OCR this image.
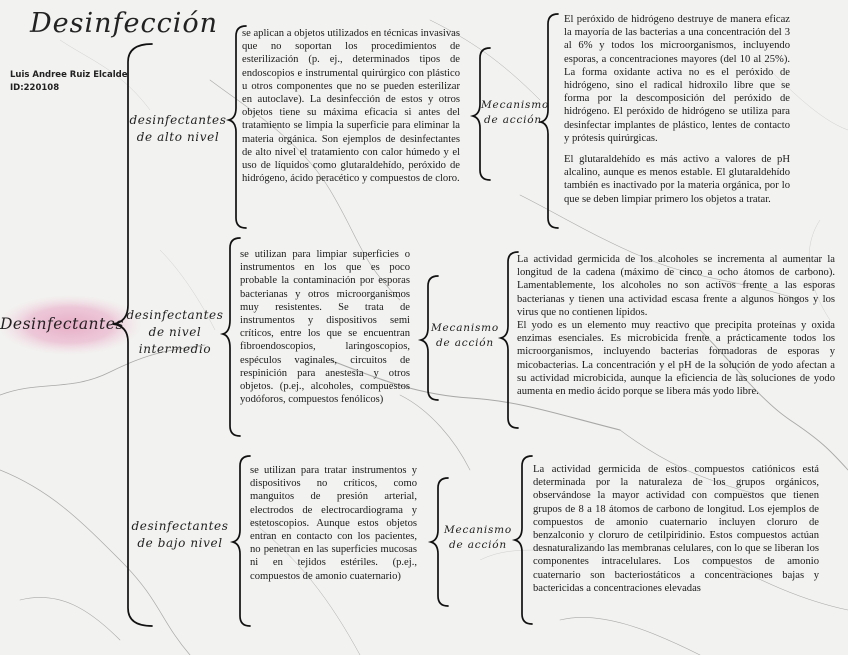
Desinfección
Luis Andree Ruiz Elcalde
ID:220108
Desinfectantes
desinfectantes de alto nivel
desinfectantes de nivel intermedio
desinfectantes de bajo nivel
se aplican a objetos utilizados en técnicas invasivas que no soportan los procedimientos de esterilización (p. ej., determinados tipos de endoscopios e instrumental quirúrgico con plástico u otros componentes que no se pueden esterilizar en autoclave). La desinfección de estos y otros objetos tiene su máxima eficacia si antes del tratamiento se limpia la superficie para eliminar la materia orgánica. Son ejemplos de desinfectantes de alto nivel el tratamiento con calor húmedo y el uso de líquidos como glutaraldehído, peróxido de hidrógeno, ácido peracético y compuestos de cloro.
se utilizan para limpiar superficies o instrumentos en los que es poco probable la contaminación por esporas bacterianas y otros microorganismos muy resistentes. Se trata de instrumentos y dispositivos semi críticos, entre los que se encuentran fibroendoscopios, laringoscopios, espéculos vaginales, circuitos de respinición para anestesia y otros objetos. (p.ej., alcoholes, compuestos yodóforos, compuestos fenólicos)
se utilizan para tratar instrumentos y dispositivos no críticos, como manguitos de presión arterial, electrodos de electrocardiograma y estetoscopios. Aunque estos objetos entran en contacto con los pacientes, no penetran en las superficies mucosas ni en tejidos estériles. (p.ej., compuestos de amonio cuaternario)
Mecanismo de acción
Mecanismo de acción
Mecanismo de acción

El peróxido de hidrógeno destruye de manera eficaz la mayoría de las bacterias a una concentración del 3 al 6% y todos los microorganismos, incluyendo esporas, a concentraciones mayores (del 10 al 25%). La forma oxidante activa no es el peróxido de hidrógeno, sino el radical hidroxilo libre que se forma por la descomposición del peróxido de hidrógeno. El peróxido de hidrógeno se utiliza para desinfectar implantes de plástico, lentes de contacto y prótesis quirúrgicas.

El glutaraldehído es más activo a valores de pH alcalino, aunque es menos estable. El glutaraldehído también es inactivado por la materia orgánica, por lo que se deben limpiar primero los objetos a tratar.

La actividad germicida de los alcoholes se incrementa al aumentar la longitud de la cadena (máximo de cinco a ocho átomos de carbono). Lamentablemente, los alcoholes no son activos frente a las esporas bacterianas y tienen una actividad escasa frente a algunos hongos y los virus que no contienen lípidos.

El yodo es un elemento muy reactivo que precipita proteínas y oxida enzimas esenciales. Es microbicida frente a prácticamente todos los microorganismos, incluyendo bacterias formadoras de esporas y micobacterias. La concentración y el pH de la solución de yodo afectan a su actividad microbicida, aunque la eficiencia de las soluciones de yodo aumenta en medio ácido porque se libera más yodo libre.

La actividad germicida de estos compuestos catiónicos está determinada por la naturaleza de los grupos orgánicos, observándose la mayor actividad con compuestos que tienen grupos de 8 a 18 átomos de carbono de longitud. Los ejemplos de compuestos de amonio cuaternario incluyen cloruro de benzalconio y cloruro de cetilpiridinio. Estos compuestos actúan desnaturalizando las membranas celulares, con lo que se liberan los componentes intracelulares. Los compuestos de amonio cuaternario son bacteriostáticos a concentraciones bajas y bactericidas a concentraciones elevadas
